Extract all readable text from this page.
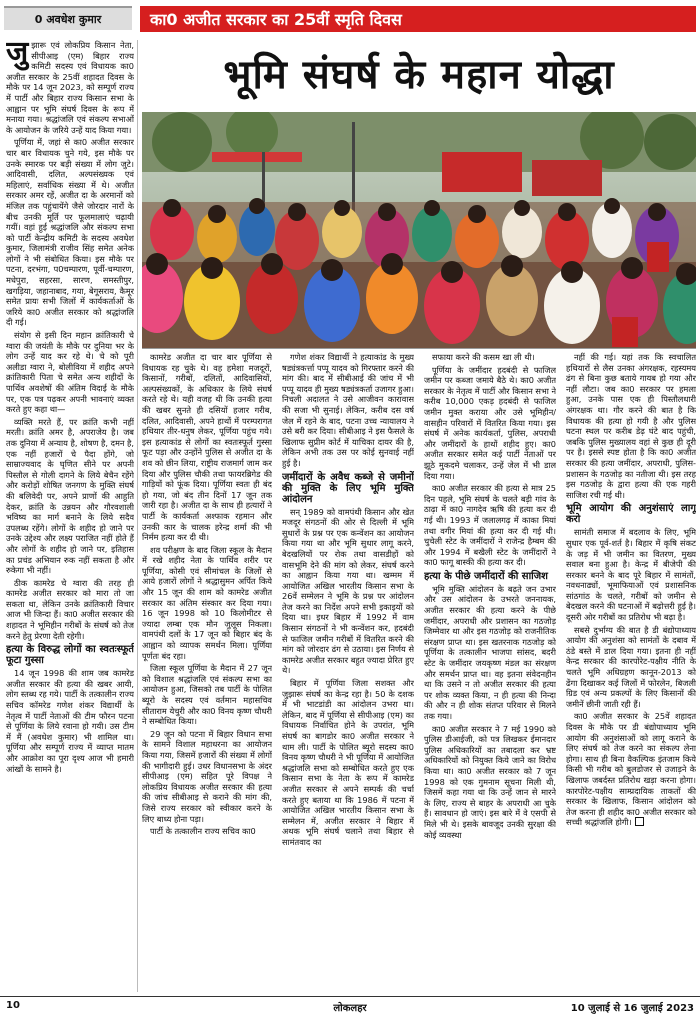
0 अवधेश कुमार	का0 अजीत सरकार का 25वीं स्मृति दिवस
भूमि संघर्ष के महान योद्धा

जुझारू एवं लोकप्रिय किसान नेता, सीपीआइ (एम) बिहार राज्य कमिटी सदस्य एवं विधायक का0 अजीत सरकार के 25वीं शहादत दिवस के मौके पर 14 जून 2023, को सम्पूर्ण राज्य में पार्टी और बिहार राज्य किसान सभा के आह्वान पर भूमि संघर्ष दिवस के रूप में मनाया गया। श्रद्धांजलि एवं संकल्प सभाओं के आयोजन के जरिये उन्हें याद किया गया।

पूर्णिया में, जहां से का0 अजीत सरकार चार बार विधायक चुने गये, इस मौके पर उनके स्मारक पर बड़ी संख्या में लोग जुटे। आदिवासी, दलित, अल्पसंख्यक एवं महिलाएं, सर्वाधिक संख्या में थे। अजीत सरकार अमर रहें, अजीत दा के अरमानों को मंजिल तक पहुंचायेंगे जैसे जोरदार नारों के बीच उनकी मूर्ति पर फूलमालाएं चढ़ायी गयीं। वहां हुई श्रद्धांजलि और संकल्प सभा को पार्टी केन्द्रीय कमिटी के सदस्य अवधेश कुमार, जिलामंत्री राजीव सिंह समेत अनेक लोगों ने भी संबोधित किया। इस मौके पर पटना, दरभंगा, प0चम्पारण, पूर्वी-चम्पारण, मधेपुरा, सहरसा, सारण, समस्तीपुर, खगड़िया, जहानाबाद, गया, बेगूसराय, कैमूर समेत प्रायः सभी जिलों में कार्यकर्ताओं के जरिये का0 अजीत सरकार को श्रद्धांजलि दी गई।

संयोग से इसी दिन महान क्रांतिकारी चे ग्वारा की जयंती के मौके पर दुनिया भर के लोग उन्हें याद कर रहे थे। चे को पूरी अलीडा ग्वारा ने, बोलीविया में शहीद अपने क्रांतिकारी पिता चे समेत अन्य शहीदों के पार्थिव अवशेषों की अंतिम विदाई के मौके पर, एक पत्र पढ़कर अपनी भावनाएं व्यक्त करते हुए कहा था—

व्यक्ति मरते हैं, पर क्रांति कभी नहीं मरती। क्रांति अमर है, अपराजेय है। जब तक दुनिया में अन्याय है, शोषण है, दमन है, एक नहीं हजारों चे पैदा होंगे, जो साम्राज्यवाद के घृणित सीने पर अपनी पिस्तौल से गोली दागने के लिये बेचैन रहेंगे और करोड़ों शोषित जनगण के मुक्ति संघर्ष की बलिवेदी पर, अपने प्राणों की आहुति देकर, क्रांति के उन्नयन और गौरवशाली भविष्य का मार्ग बनाने के लिये सदैव उपलब्ध रहेंगे। लोगों के शहीद हो जाने पर उनके उद्देश्य और लक्ष्य पराजित नहीं होते हैं और लोगों के शहीद हो जाने पर, इतिहास का प्रचंड अभियान रुक नहीं सकता है और रुकेगा भी नहीं।

ठीक कामरेड चे ग्वारा की तरह ही कामरेड अजीत सरकार को मारा तो जा सकता था, लेकिन उनके क्रांतिकारी विचार आज भी जिन्दा हैं। का0 अजीत सरकार की शहादत ने भूमिहीन गरीबों के संघर्ष को तेज करने हेतु प्रेरणा देती रहेगी।

हत्या के विरुद्ध लोगों का स्वतःस्फूर्त फूटा गुस्सा

14 जून 1998 की शाम जब कामरेड अजीत सरकार की हत्या की खबर आयी, लोग स्तब्ध रह गये। पार्टी के तत्कालीन राज्य सचिव कॉमरेड गणेश शंकर विद्यार्थी के नेतृत्व में पार्टी नेताओं की टीम फौरन पटना से पूर्णिया के लिये रवाना हो गयी। उस टीम में मैं (अवधेश कुमार) भी शामिल था। पूर्णिया और सम्पूर्ण राज्य में व्याप्त मातम और आक्रोश का पूरा दृश्य आज भी हमारी आंखों के सामने है।

कामरेड अजीत दा चार बार पूर्णिया से विधायक रह चुके थे। वह हमेशा मजदूरों, किसानों, गरीबों, दलितों, आदिवासियों, अल्पसंख्यकों, के अधिकार के लिये संघर्ष करते रहे थे। यही वजह थी कि उनकी हत्या की खबर सुनते ही दसियों हजार गरीब, दलित, आदिवासी, अपने हाथों में परम्परागत हथियार तीर-धनुष लेकर, पूर्णिया पहुंच गये। इस हत्याकांड से लोगों का स्वतःस्फूर्त गुस्सा फूट पड़ा और उन्होंने पुलिस से अजीत दा के शव को छीन लिया, राष्ट्रीय राजमार्ग जाम कर दिया और पुलिस चौकी तथा फायरब्रिगेड की गाड़ियों को फूंक दिया। पूर्णिया स्वतः ही बंद हो गया, जो बंद तीन दिनों 17 जून तक जारी रहा है। अजीत दा के साथ ही हत्यारों ने पार्टी के कार्यकर्ता अश्फाक रहमान और उनकी कार के चालक हरेन्द्र शर्मा की भी निर्मम हत्या कर दी थी।

शव परीक्षण के बाद जिला स्कूल के मैदान में रखे शहीद नेता के पार्थिव शरीर पर पूर्णिया, कोसी एवं सीमांचल के जिलों से आये हजारों लोगों ने श्रद्धासुमन अर्पित किये और 15 जून की शाम को कामरेड अजीत सरकार का अंतिम संस्कार कर दिया गया। 16 जून 1998 को 10 किलोमीटर से ज्यादा लम्बा एक मौन जुलूस निकला। वामपंथी दलों के 17 जून को बिहार बंद के आह्वान को व्यापक समर्थन मिला। पूर्णिया पूर्णतः बंद रहा।

जिला स्कूल पूर्णिया के मैदान में 27 जून को विशाल श्रद्धांजलि एवं संकल्प सभा का आयोजन हुआ, जिसको तब पार्टी के पोलित ब्यूरो के सदस्य एवं वर्तमान महासचिव सीताराम येचुरी और का0 विनय कृष्ण चौधरी ने सम्बोधित किया।

29 जून को पटना में बिहार विधान सभा के सामने विशाल महाधरना का आयोजन किया गया, जिसमें हजारों की संख्या में लोगों की भागीदारी हुई। उधर विधानसभा के अंदर सीपीआइ (एम) सहित पूरे विपक्ष ने लोकप्रिय विधायक अजीत सरकार की हत्या की जांच सीबीआइ से कराने की मांग की, जिसे राज्य सरकार को स्वीकार करने के लिए बाध्य होना पड़ा।

पार्टी के तत्कालीन राज्य सचिव का0

गणेश शंकर विद्यार्थी ने हत्याकांड के मुख्य षड्यंत्रकर्त्ता पप्पू यादव को गिरफ्तार करने की मांग की। बाद में सीबीआई की जांच में भी पप्पू यादव ही मुख्य षड्यंत्रकर्ता उजागर हुआ। निचली अदालत ने उसे आजीवन कारावास की सजा भी सुनाई। लेकिन, करीब दस वर्ष जेल में रहने के बाद, पटना उच्च न्यायालय ने उसे बरी कर दिया। सीबीआइ ने इस फैसले के खिलाफ सुप्रीम कोर्ट में याचिका दायर की है, लेकिन अभी तक उस पर कोई सुनवाई नहीं हुई है।

जमींदारों के अवैध कब्जे से जमीनों की मुक्ति के लिए भूमि मुक्ति आंदोलन

सन् 1989 को वामपंथी किसान और खेत मजदूर संगठनों की ओर से दिल्ली में भूमि सुधारों के प्रश्न पर एक कन्वेंशन का आयोजन किया गया था और भूमि सुधार लागू करने, बेदखलियों पर रोक तथा वासडीहों को वासभूमि देने की मांग को लेकर, संघर्ष करने का आह्वान किया गया था। खम्मम में आयोजित अखिल भारतीय किसान सभा के 26वें सम्मेलन ने भूमि के प्रश्न पर आंदोलन तेज करने का निर्देश अपने सभी इकाइयों को दिया था। इधर बिहार में 1992 में वाम किसान संगठनों ने भी कन्वेंशन कर, हदबंदी से फाजिल जमीन गरीबों में वितरित करने की मांग को जोरदार ढंग से उठाया। इस निर्णय से कामरेड अजीत सरकार बहुत ज्यादा प्रेरित हुए थे।

बिहार में पूर्णिया जिला सशक्त और जुझारू संघर्ष का केन्द्र रहा है। 50 के दशक में भी भाटडांडी का आंदोलन उभरा था। लेकिन, बाद में पूर्णिया से सीपीआइ (एम) का विधायक निर्वाचित होने के उपरांत, भूमि संघर्ष का बागडोर का0 अजीत सरकार ने थाम ली। पार्टी के पोलित ब्यूरो सदस्य का0 विनय कृष्ण चौधरी ने भी पूर्णिया में आयोजित श्रद्धांजलि सभा को सम्बोधित करते हुए एक किसान सभा के नेता के रूप में कामरेड अजीत सरकार से अपने सम्पर्क की चर्चा करते हुए बताया था कि 1986 में पटना में आयोजित अखिल भारतीय किसान सभा के सम्मेलन में, अजीत सरकार ने बिहार में अथक भूमि संघर्ष चलाने तथा बिहार से सामंतवाद का

सफाया करने की कसम खा ली थी।

पूर्णिया के जमींदार हदबंदी से फाजिल जमीन पर कब्जा जमाये बैठे थे। का0 अजीत सरकार के नेतृत्व में पार्टी और किसान सभा ने करीब 10,000 एकड़ हदबंदी से फाजिल जमीन मुक्त कराया और उसे भूमिहीन/वासहीन परिवारों में वितरित किया गया। इस संघर्ष में अनेक कार्यकर्ता, पुलिस, अपराधी और जमींदारों के हाथों शहीद हुए। का0 अजीत सरकार समेत कई पार्टी नेताओं पर झूठे मुकदमे चलाकर, उन्हें जेल में भी डाल दिया गया।

का0 अजीत सरकार की हत्या से मात्र 25 दिन पहले, भूमि संघर्ष के चलते बड़ी गांव के ठाढ़ा में का0 नागदेव ऋषि की हत्या कर दी गई थी। 1993 में जलालगढ़ में काका मियां तथा वगीर मियां की हत्या कर दी गई थी। चुचेली स्टेट के जमींदारों ने राजेन्द्र हैम्बम की और 1994 में बखैली स्टेट के जमींदारों ने का0 फागू बास्की की हत्या कर दी।

हत्या के पीछे जमींदारों की साजिश

भूमि मुक्ति आंदोलन के बढ़ते जन उभार और उस आंदोलन के उभरते जननायक, अजीत सरकार की हत्या करने के पीछे जमींदार, अपराधी और प्रशासन का गठजोड़ जिम्मेवार था और इस गठजोड़ को राजनीतिक संरक्षण प्राप्त था। इस खतरनाक गठजोड़ को पूर्णिया के तत्कालीन भाजपा सांसद, बदरी स्टेट के जमींदार जयकृष्ण मंडल का संरक्षण और समर्थन प्राप्त था। वह इतना संवेदनहीन था कि उसने न तो अजीत सरकार की हत्या पर शोक व्यक्त किया, न ही हत्या की निन्दा की और न ही शोक संतप्त परिवार से मिलने तक गया।

का0 अजीत सरकार ने 7 मई 1990 को पुलिस डीआईजी, को पत्र लिखकर ईमानदार पुलिस अधिकारियों का तबादला कर भ्रष्ट अधिकारियों को नियुक्त किये जाने का विरोध किया था। का0 अजीत सरकार को 7 जून 1998 को एक गुमनाम सूचना मिली थी, जिसमें कहा गया था कि उन्हें जान से मारने के लिए, राज्य से बाहर के अपराधी आ चुके हैं। सावधान हो जाएं। इस बारे में वे एसपी से मिले भी थे। इसके बावजूद उनकी सुरक्षा की कोई व्यवस्था

नहीं की गई। यहां तक कि स्वचालित हथियारों से लैस उनका अंगरक्षक, रहस्यमय ढंग से बिना कुछ बताये गायब हो गया और नहीं लौटा। जब का0 सरकार पर हमला हुआ, उनके पास एक ही पिस्तौलधारी अंगरक्षक था। गौर करने की बात है कि विधायक की हत्या हो गयी है और पुलिस घटना स्थल पर करीब डेढ़ घंटे बाद पहुंची, जबकि पुलिस मुख्यालय वहां से कुछ ही दूरी पर है। इससे स्पष्ट होता है कि का0 अजीत सरकार की हत्या जमींदार, अपराधी, पुलिस-प्रशासन के गठजोड़ का नतीजा थी। इस तरह इस गठजोड़ के द्वारा हत्या की एक गहरी साजिश रची गई थी।

भूमि आयोग की अनुशंसाएं लागू करो

सामंती समाज में बदलाव के लिए, भूमि सुधार एक पूर्व-शर्त है। बिहार में कृषि संकट के जड़ में भी जमीन का वितरण, मुख्य सवाल बना हुआ है। केन्द्र में बीजेपी की सरकार बनने के बाद पूरे बिहार में सामंतों, नवधनाढ्यों, भूमाफियाओं एवं प्रशासनिक सांठगांठ के चलते, गरीबों को जमीन से बेदखल करने की घटनाओं में बढ़ोत्तरी हुई है। दूसरी ओर गरीबों का प्रतिरोध भी बढ़ा है।

सबसे दुर्भाग्य की बात है डी बंद्योपाध्याय आयोग की अनुशंसा को सामंतों के दबाव में ठंडे बस्ते में डाल दिया गया। इतना ही नहीं केन्द्र सरकार की कारपोरेट-पक्षीय नीति के चलते भूमि अधिग्रहण कानून-2013 को ढेंगा दिखाकर कई जिलों में फोरलेन, बिजली ग्रिड एवं अन्य प्रकल्पों के लिए किसानों की जमीनें छीनी जाती रही हैं।

का0 अजीत सरकार के 25वें शहादत दिवस के मौके पर डी बंद्योपाध्याय भूमि आयोग की अनुशंसाओं को लागू कराने के लिए संघर्ष को तेज करने का संकल्प लेना होगा। साथ ही बिना वैकल्पिक इंतजाम किये किसी भी गरीब को बुलडोजर से उजाड़ने के खिलाफ जबर्दस्त प्रतिरोध खड़ा करना होगा। कारपोरेट-पक्षीय साम्प्रदायिक ताकतों की सरकार के खिलाफ, किसान आंदोलन को तेज करना ही शहीद का0 अजीत सरकार को सच्ची श्रद्धांजलि होगी।

10	लोकलहर	10 जुलाई से 16 जुलाई 2023
